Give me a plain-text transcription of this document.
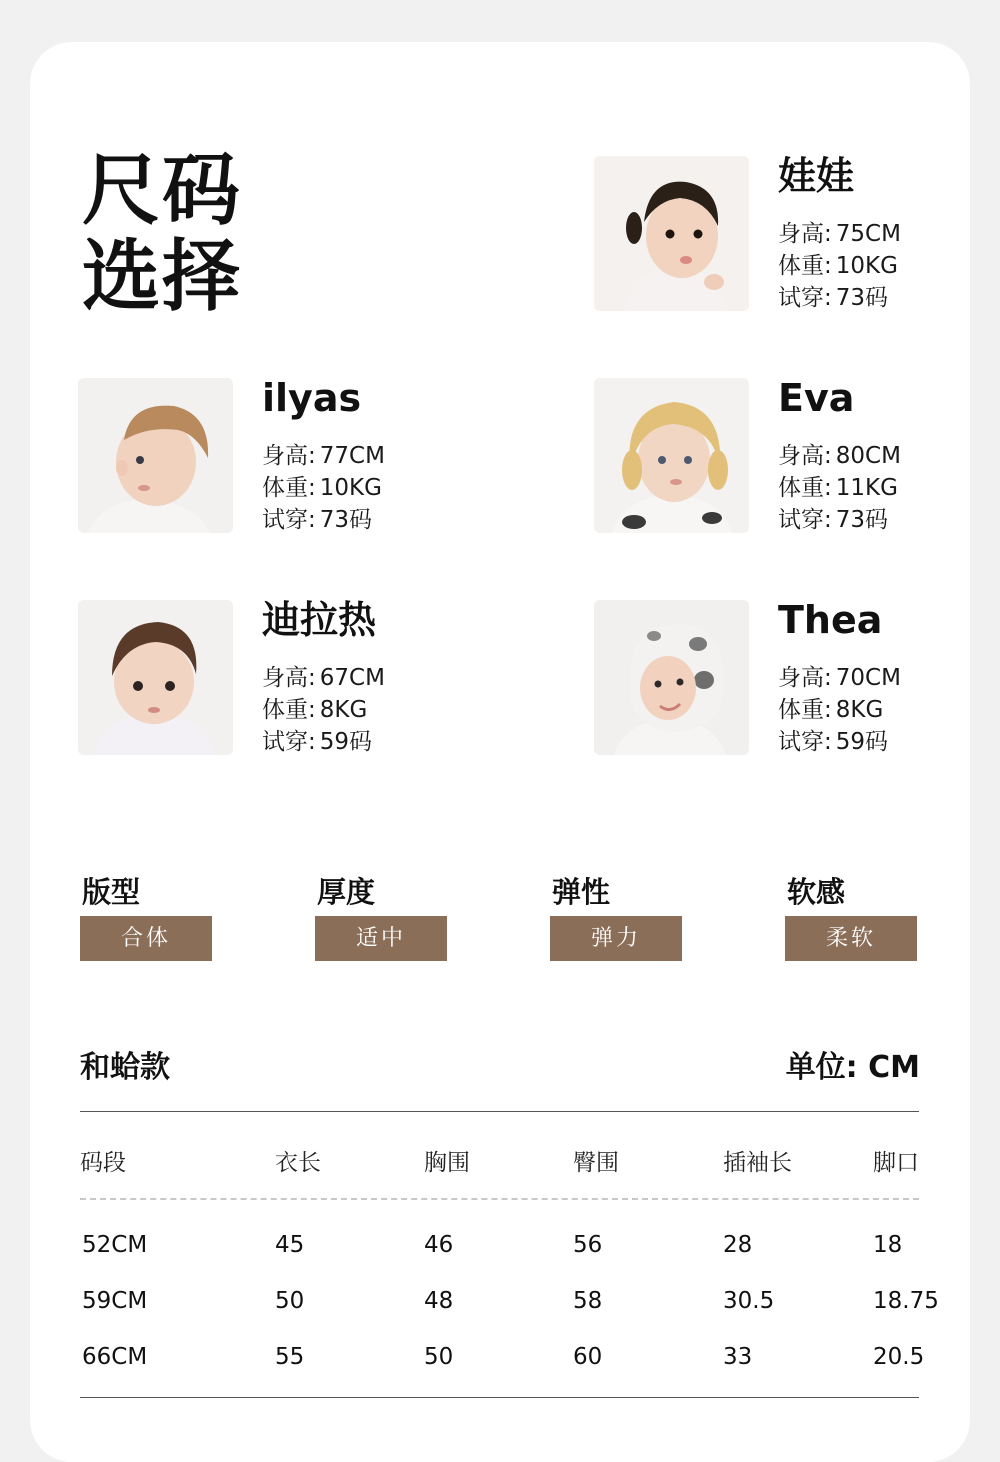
尺码
选择
娃娃
身高: 75CM
体重: 10KG
试穿: 73码
ilyas
身高: 77CM
体重: 10KG
试穿: 73码
Eva
身高: 80CM
体重: 11KG
试穿: 73码
迪拉热
身高: 67CM
体重: 8KG
试穿: 59码
Thea
身高: 70CM
体重: 8KG
试穿: 59码
版型
合体
厚度
适中
弹性
弹力
软感
柔软
和蛤款	单位: CM
码段	衣长	胸围	臀围	插袖长	脚口
52CM	45	46	56	28	18
59CM	50	48	58	30.5	18.75
66CM	55	50	60	33	20.5
